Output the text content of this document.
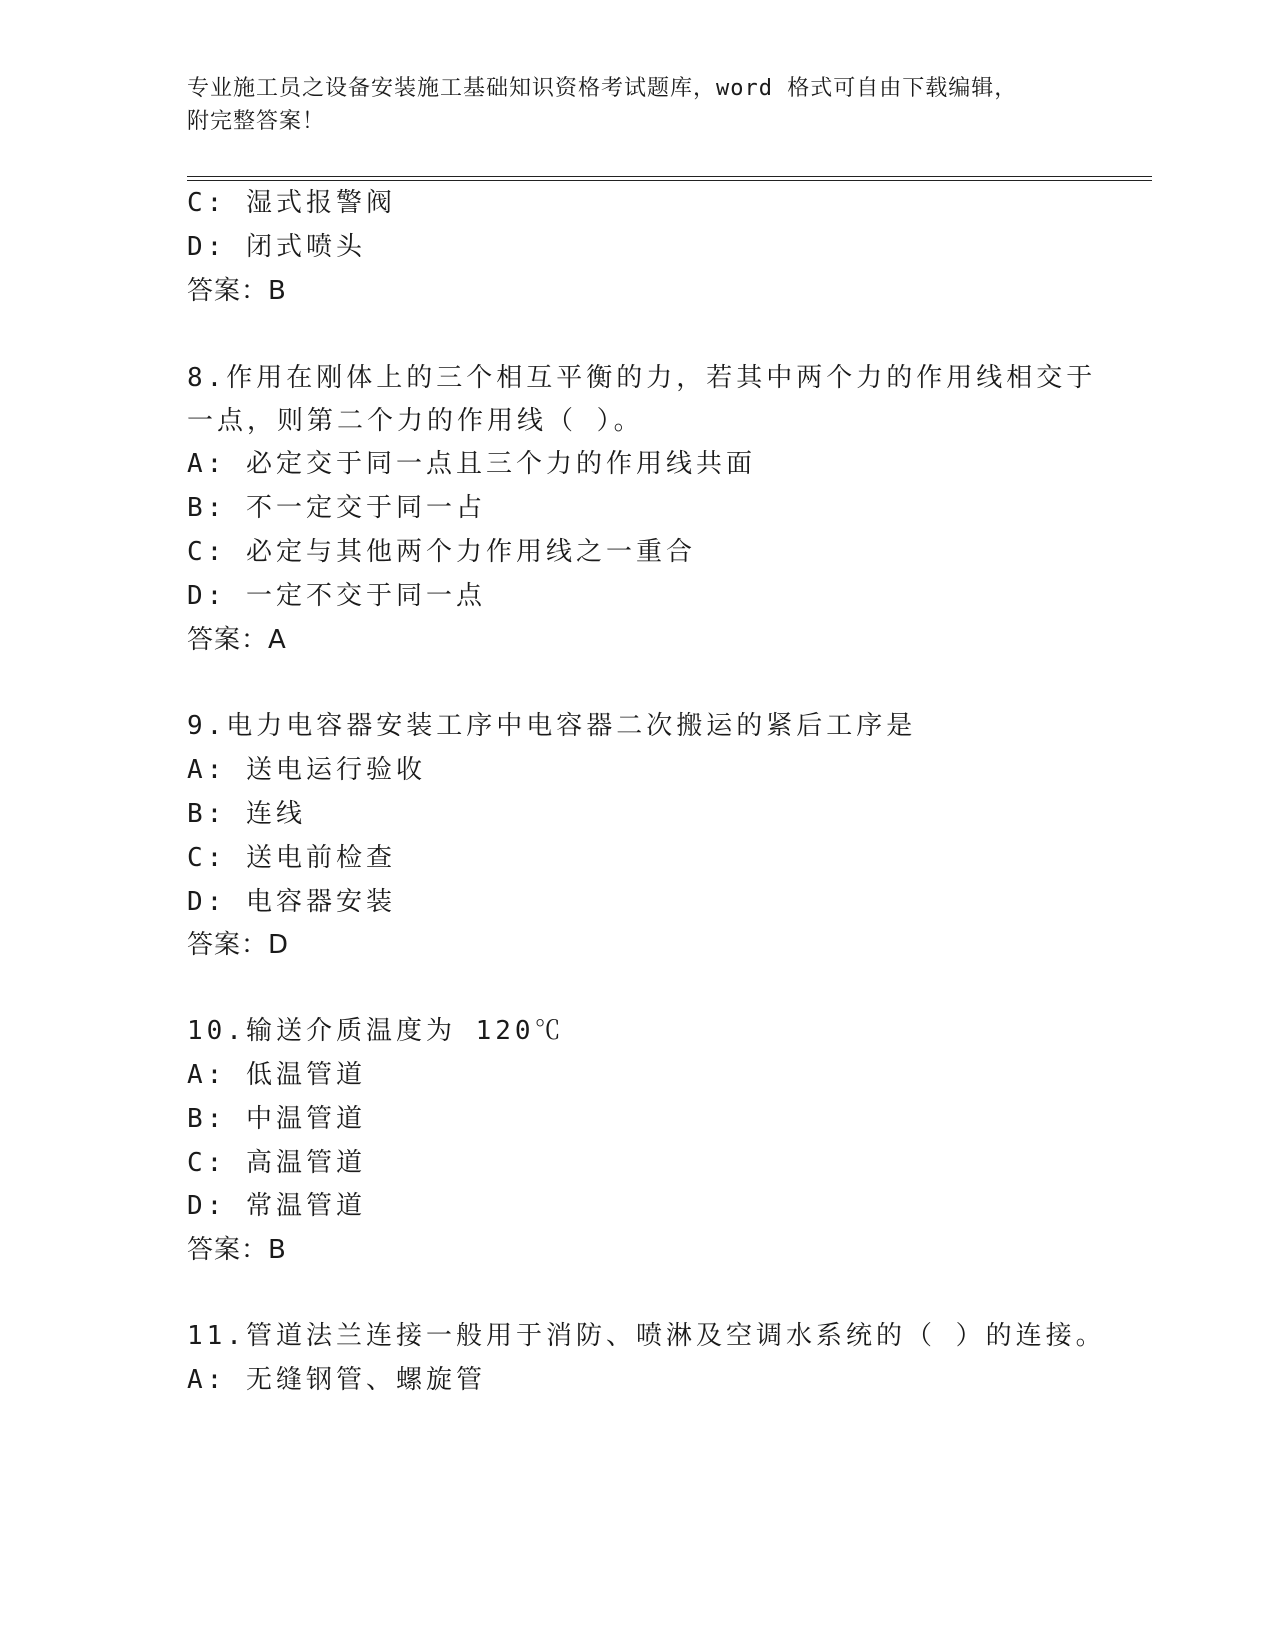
专业施工员之设备安装施工基础知识资格考试题库，word 格式可自由下载编辑，
附完整答案！
C: 湿式报警阀
D: 闭式喷头
答案：B
8.作用在刚体上的三个相互平衡的力，若其中两个力的作用线相交于
一点，则第二个力的作用线（ ）。
A: 必定交于同一点且三个力的作用线共面
B: 不一定交于同一占
C: 必定与其他两个力作用线之一重合
D: 一定不交于同一点
答案：A
9.电力电容器安装工序中电容器二次搬运的紧后工序是
A: 送电运行验收
B: 连线
C: 送电前检查
D: 电容器安装
答案：D
10.输送介质温度为 120℃
A: 低温管道
B: 中温管道
C: 高温管道
D: 常温管道
答案：B
11.管道法兰连接一般用于消防、喷淋及空调水系统的（ ）的连接。
A: 无缝钢管、螺旋管
